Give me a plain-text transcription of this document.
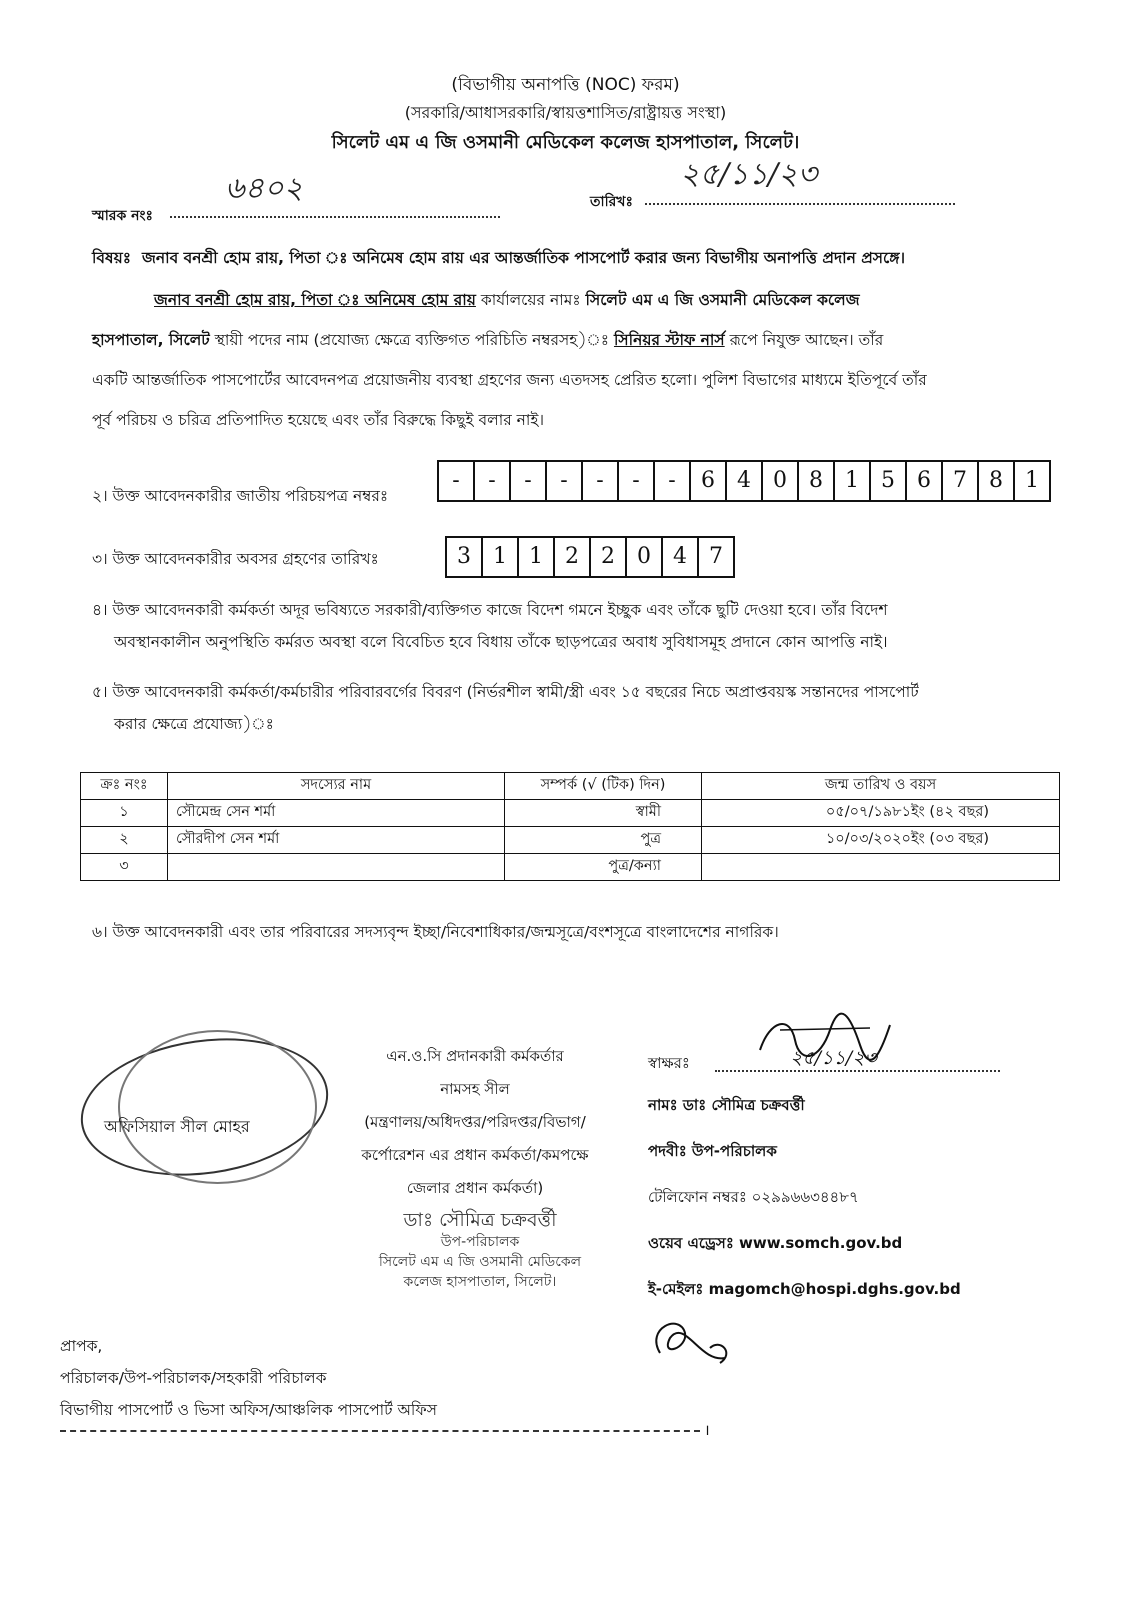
(বিভাগীয় অনাপত্তি (NOC) ফরম)
(সরকারি/আধাসরকারি/স্বায়ত্তশাসিত/রাষ্ট্রায়ত্ত সংস্থা)
সিলেট এম এ জি ওসমানী মেডিকেল কলেজ হাসপাতাল, সিলেট।
স্মারক নংঃ
৬৪০২	তারিখঃ
২৫/১১/২৩
বিষয়ঃ জনাব বনশ্রী হোম রায়, পিতা ঃ অনিমেষ হোম রায় এর আন্তর্জাতিক পাসপোর্ট করার জন্য বিভাগীয় অনাপত্তি প্রদান প্রসঙ্গে।
জনাব বনশ্রী হোম রায়, পিতা ঃ অনিমেষ হোম রায় কার্যালয়ের নামঃ সিলেট এম এ জি ওসমানী মেডিকেল কলেজ
হাসপাতাল, সিলেট স্থায়ী পদের নাম (প্রযোজ্য ক্ষেত্রে ব্যক্তিগত পরিচিতি নম্বরসহ)ঃ সিনিয়র স্টাফ নার্স রূপে নিযুক্ত আছেন। তাঁর
একটি আন্তর্জাতিক পাসপোর্টের আবেদনপত্র প্রয়োজনীয় ব্যবস্থা গ্রহণের জন্য এতদসহ প্রেরিত হলো। পুলিশ বিভাগের মাধ্যমে ইতিপূর্বে তাঁর
পূর্ব পরিচয় ও চরিত্র প্রতিপাদিত হয়েছে এবং তাঁর বিরুদ্ধে কিছুই বলার নাই।
২। উক্ত আবেদনকারীর জাতীয় পরিচয়পত্র নম্বরঃ
- - - - - - - 6 4 0 8 1 5 6 7 8 1
৩। উক্ত আবেদনকারীর অবসর গ্রহণের তারিখঃ	3 1 1 2 2 0 4 7
৪। উক্ত আবেদনকারী কর্মকর্তা অদূর ভবিষ্যতে সরকারী/ব্যক্তিগত কাজে বিদেশ গমনে ইচ্ছুক এবং তাঁকে ছুটি দেওয়া হবে। তাঁর বিদেশ
অবস্থানকালীন অনুপস্থিতি কর্মরত অবস্থা বলে বিবেচিত হবে বিধায় তাঁকে ছাড়পত্রের অবাধ সুবিধাসমূহ প্রদানে কোন আপত্তি নাই।
৫। উক্ত আবেদনকারী কর্মকর্তা/কর্মচারীর পরিবারবর্গের বিবরণ (নির্ভরশীল স্বামী/স্ত্রী এবং ১৫ বছরের নিচে অপ্রাপ্তবয়স্ক সন্তানদের পাসপোর্ট
করার ক্ষেত্রে প্রযোজ্য)ঃ
ক্রঃ নংঃ	সদস্যের নাম	সম্পর্ক (√ (টিক) দিন)	জন্ম তারিখ ও বয়স
১	সৌমেন্দ্র সেন শর্মা	স্বামী	০৫/০৭/১৯৮১ইং (৪২ বছর)
২	সৌরদীপ সেন শর্মা	পুত্র	১০/০৩/২০২০ইং (০৩ বছর)
৩		পুত্র/কন্যা	
৬। উক্ত আবেদনকারী এবং তার পরিবারের সদস্যবৃন্দ ইচ্ছা/নিবেশাধিকার/জন্মসূত্রে/বংশসূত্রে বাংলাদেশের নাগরিক।
অফিসিয়াল সীল মোহর
এন.ও.সি প্রদানকারী কর্মকর্তার
নামসহ সীল
(মন্ত্রণালয়/অধিদপ্তর/পরিদপ্তর/বিভাগ/
কর্পোরেশন এর প্রধান কর্মকর্তা/কমপক্ষে
জেলার প্রধান কর্মকর্তা)
ডাঃ সৌমিত্র চক্রবর্ত্তী
উপ-পরিচালক
সিলেট এম এ জি ওসমানী মেডিকেল
কলেজ হাসপাতাল, সিলেট।
স্বাক্ষরঃ	২৫/১১/২৩
নামঃ ডাঃ সৌমিত্র চক্রবর্ত্তী
পদবীঃ উপ-পরিচালক
টেলিফোন নম্বরঃ ০২৯৯৬৬৩৪৪৮৭
ওয়েব এড্রেসঃ www.somch.gov.bd
ই-মেইলঃ magomch@hospi.dghs.gov.bd
প্রাপক,
পরিচালক/উপ-পরিচালক/সহকারী পরিচালক
বিভাগীয় পাসপোর্ট ও ভিসা অফিস/আঞ্চলিক পাসপোর্ট অফিস
।
